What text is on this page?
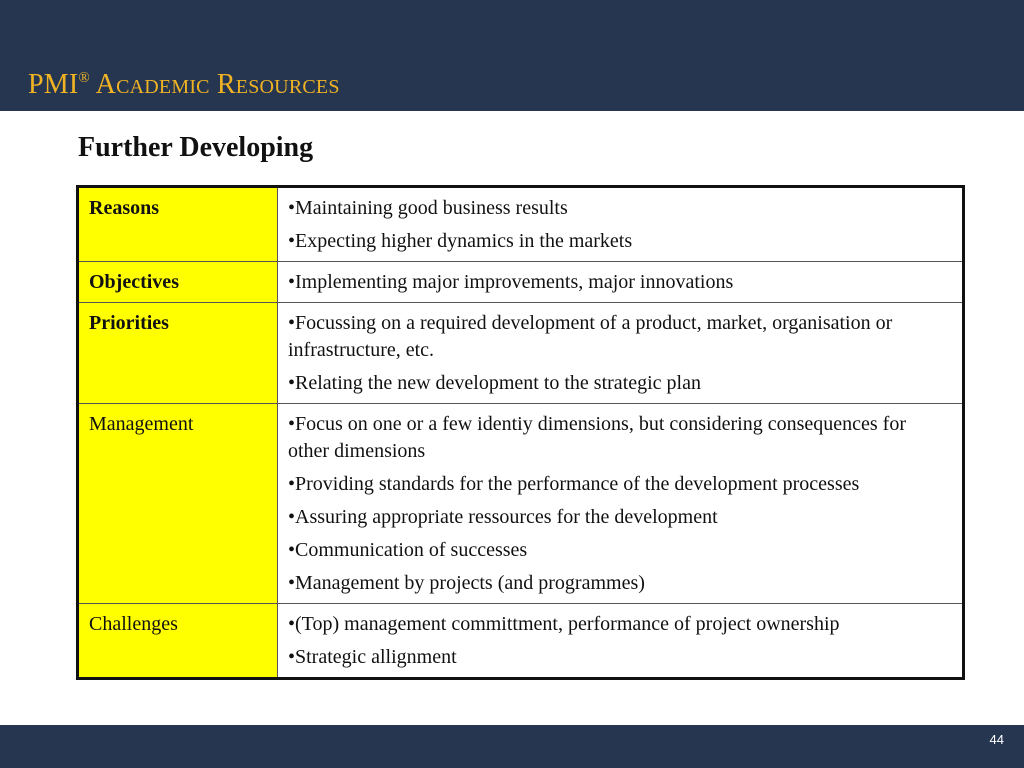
PMI® Academic Resources
Further Developing
Reasons	•Maintaining good business results
•Expecting higher dynamics in the markets

Objectives	•Implementing major improvements, major innovations

Priorities	•Focussing on a required development of a product, market, organisation or infrastructure, etc.
•Relating the new development to the strategic plan

Management	•Focus on one or a few identiy dimensions, but considering consequences for other dimensions
•Providing standards for the performance of the development processes
•Assuring appropriate ressources for the development
•Communication of successes
•Management by projects (and programmes)

Challenges	•(Top) management committment, performance of project ownership
•Strategic allignment
44
